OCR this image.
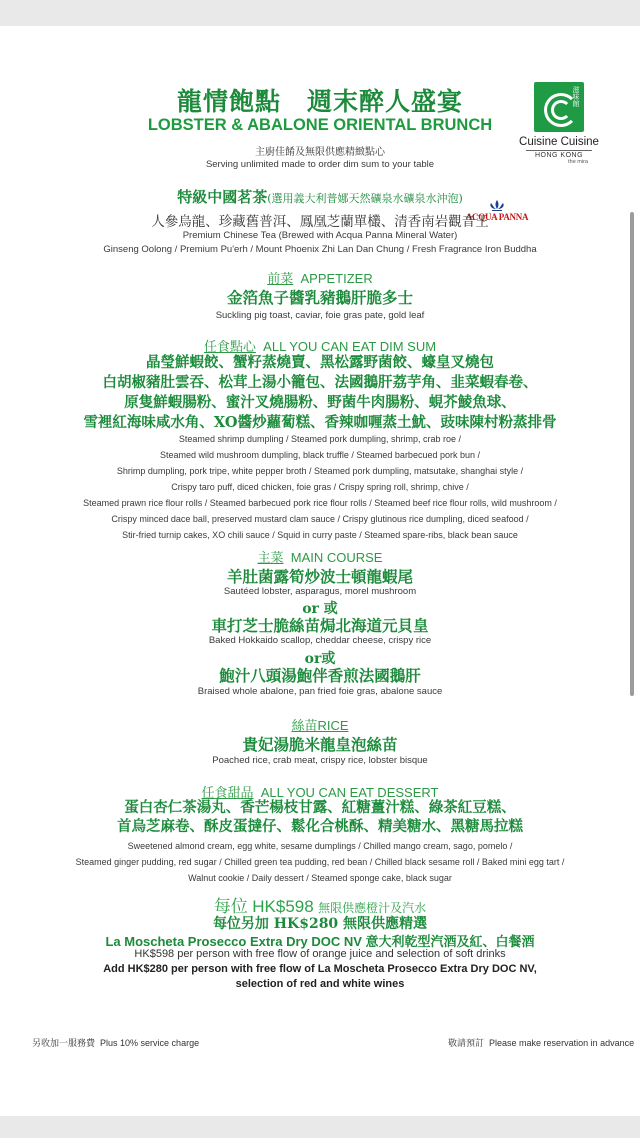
龍情飽點　週末醉人盛宴
LOBSTER & ABALONE ORIENTAL BRUNCH
主廚佳餚及無限供應精緻點心
Serving unlimited made to order dim sum to your table
滋味館
Cuisine Cuisine
HONG KONG
the mira
特級中國茗茶(選用義大利普娜天然礦泉水礦泉水沖泡)
ACQUA PANNA
人參烏龍、珍藏舊普洱、鳳凰芝蘭單欉、清香南岩觀音王
Premium Chinese Tea (Brewed with Acqua Panna Mineral Water)
Ginseng Oolong / Premium Pu'erh / Mount Phoenix Zhi Lan Dan Chung / Fresh Fragrance Iron Buddha
前菜 APPETIZER
金箔魚子醬乳豬鵝肝脆多士
Suckling pig toast, caviar, foie gras pate, gold leaf
任食點心 ALL YOU CAN EAT DIM SUM
晶瑩鮮蝦餃、蟹籽蒸燒賣、黑松露野菌餃、蠔皇叉燒包
白胡椒豬肚雲吞、松茸上湯小籠包、法國鵝肝荔芋角、韭菜蝦春卷、
原隻鮮蝦腸粉、蜜汁叉燒腸粉、野菌牛肉腸粉、蜆芥鯪魚球、
雪裡紅海味咸水角、XO醬炒蘿蔔糕、香辣咖喱蒸土魷、豉味陳村粉蒸排骨
Steamed shrimp dumpling / Steamed pork dumpling, shrimp, crab roe /
Steamed wild mushroom dumpling, black truffle / Steamed barbecued pork bun /
Shrimp dumpling, pork tripe, white pepper broth / Steamed pork dumpling, matsutake, shanghai style /
Crispy taro puff, diced chicken, foie gras / Crispy spring roll, shrimp, chive /
Steamed prawn rice flour rolls / Steamed barbecued pork rice flour rolls / Steamed beef rice flour rolls, wild mushroom /
Crispy minced dace ball, preserved mustard clam sauce / Crispy glutinous rice dumpling, diced seafood /
Stir-fried turnip cakes, XO chili sauce / Squid in curry paste / Steamed spare-ribs, black bean sauce
主菜 MAIN COURSE
羊肚菌露筍炒波士頓龍蝦尾
Sautéed lobster, asparagus, morel mushroom
or 或
車打芝士脆絲苗焗北海道元貝皇
Baked Hokkaido scallop, cheddar cheese, crispy rice
or或
鮑汁八頭湯鮑伴香煎法國鵝肝
Braised whole abalone, pan fried foie gras, abalone sauce
絲苗RICE
貴妃湯脆米龍皇泡絲苗
Poached rice, crab meat, crispy rice, lobster bisque
任食甜品 ALL YOU CAN EAT DESSERT
蛋白杏仁茶湯丸、香芒楊枝甘露、紅糖薑汁糕、綠茶紅豆糕、
首烏芝麻卷、酥皮蛋撻仔、鬆化合桃酥、精美糖水、黑糖馬拉糕
Sweetened almond cream, egg white, sesame dumplings / Chilled mango cream, sago, pomelo /
Steamed ginger pudding, red sugar / Chilled green tea pudding, red bean / Chilled black sesame roll / Baked mini egg tart /
Walnut cookie / Daily dessert / Steamed sponge cake, black sugar
每位 HK$598 無限供應橙汁及汽水
每位另加 HK$280 無限供應精選
La Moscheta Prosecco Extra Dry DOC NV 意大利乾型汽酒及紅、白餐酒
HK$598 per person with free flow of orange juice and selection of soft drinks
Add HK$280 per person with free flow of La Moscheta Prosecco Extra Dry DOC NV,
selection of red and white wines
另收加一服務費 Plus 10% service charge	敬請預訂 Please make reservation in advance
